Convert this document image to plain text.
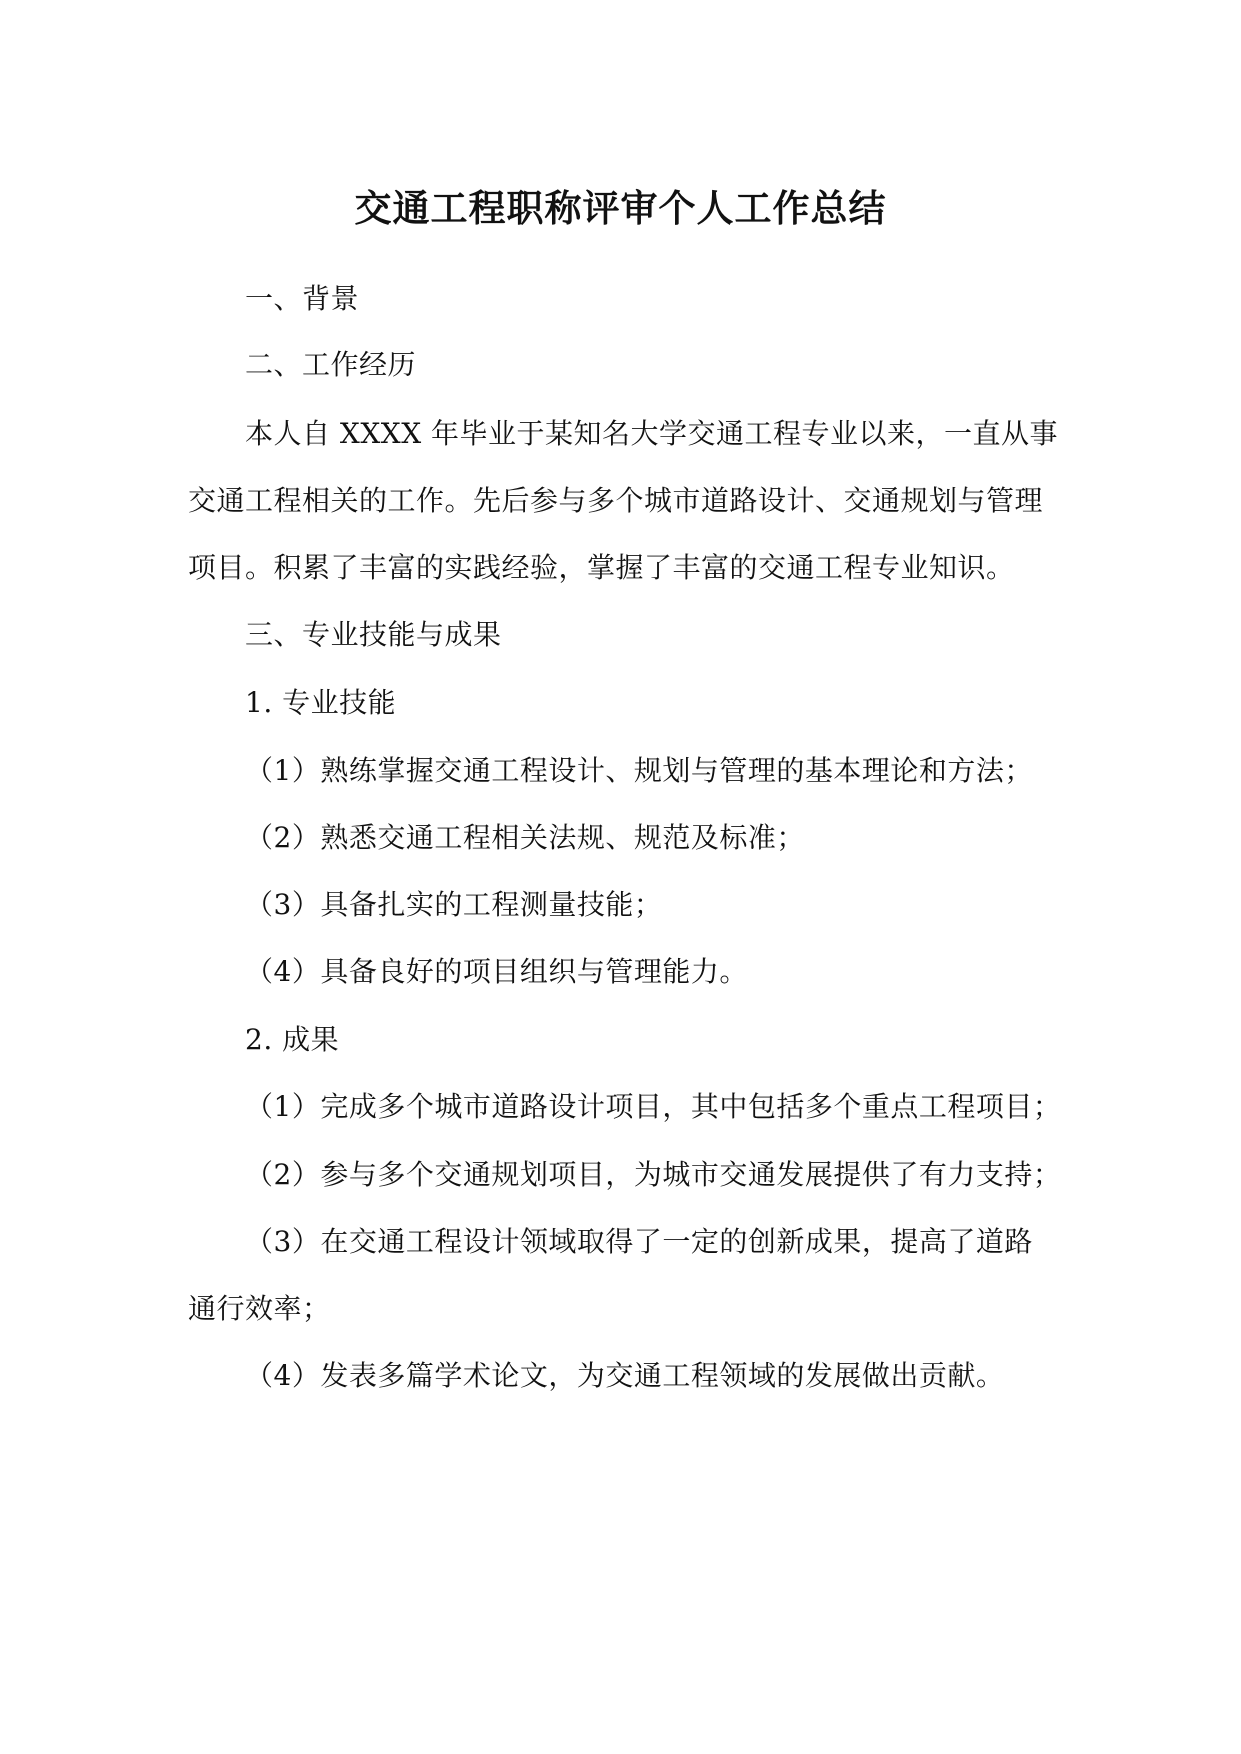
交通工程职称评审个人工作总结
一、背景
二、工作经历
本人自 XXXX 年毕业于某知名大学交通工程专业以来，一直从事
交通工程相关的工作。先后参与多个城市道路设计、交通规划与管理
项目。积累了丰富的实践经验，掌握了丰富的交通工程专业知识。
三、专业技能与成果
1. 专业技能
（1）熟练掌握交通工程设计、规划与管理的基本理论和方法；
（2）熟悉交通工程相关法规、规范及标准；
（3）具备扎实的工程测量技能；
（4）具备良好的项目组织与管理能力。
2. 成果
（1）完成多个城市道路设计项目，其中包括多个重点工程项目；
（2）参与多个交通规划项目，为城市交通发展提供了有力支持；
（3）在交通工程设计领域取得了一定的创新成果，提高了道路
通行效率；
（4）发表多篇学术论文，为交通工程领域的发展做出贡献。
